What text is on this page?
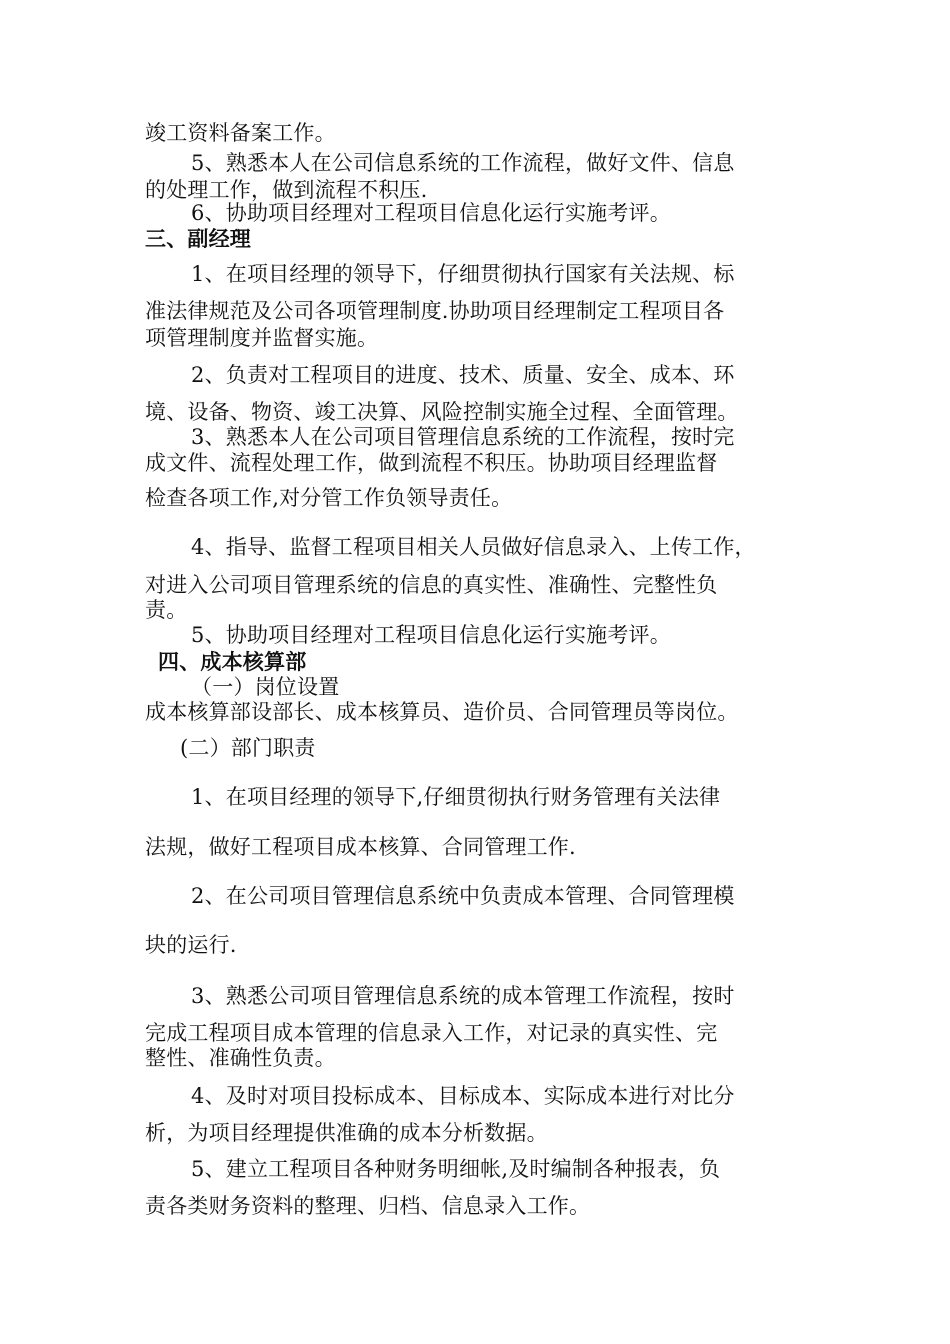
竣工资料备案工作。
5、熟悉本人在公司信息系统的工作流程，做好文件、信息
的处理工作，做到流程不积压.
6、协助项目经理对工程项目信息化运行实施考评。
三、副经理
1、在项目经理的领导下，仔细贯彻执行国家有关法规、标
准法律规范及公司各项管理制度.协助项目经理制定工程项目各
项管理制度并监督实施。
2、负责对工程项目的进度、技术、质量、安全、成本、环
境、设备、物资、竣工决算、风险控制实施全过程、全面管理。
3、熟悉本人在公司项目管理信息系统的工作流程，按时完
成文件、流程处理工作，做到流程不积压。协助项目经理监督
检查各项工作,对分管工作负领导责任。
4、指导、监督工程项目相关人员做好信息录入、上传工作，
对进入公司项目管理系统的信息的真实性、准确性、完整性负
责。
5、协助项目经理对工程项目信息化运行实施考评。
四、成本核算部
（一）岗位设置
成本核算部设部长、成本核算员、造价员、合同管理员等岗位。
(二）部门职责
1、在项目经理的领导下,仔细贯彻执行财务管理有关法律
法规，做好工程项目成本核算、合同管理工作.
2、在公司项目管理信息系统中负责成本管理、合同管理模
块的运行.
3、熟悉公司项目管理信息系统的成本管理工作流程，按时
完成工程项目成本管理的信息录入工作，对记录的真实性、完
整性、准确性负责。
4、及时对项目投标成本、目标成本、实际成本进行对比分
析，为项目经理提供准确的成本分析数据。
5、建立工程项目各种财务明细帐,及时编制各种报表，负
责各类财务资料的整理、归档、信息录入工作。
